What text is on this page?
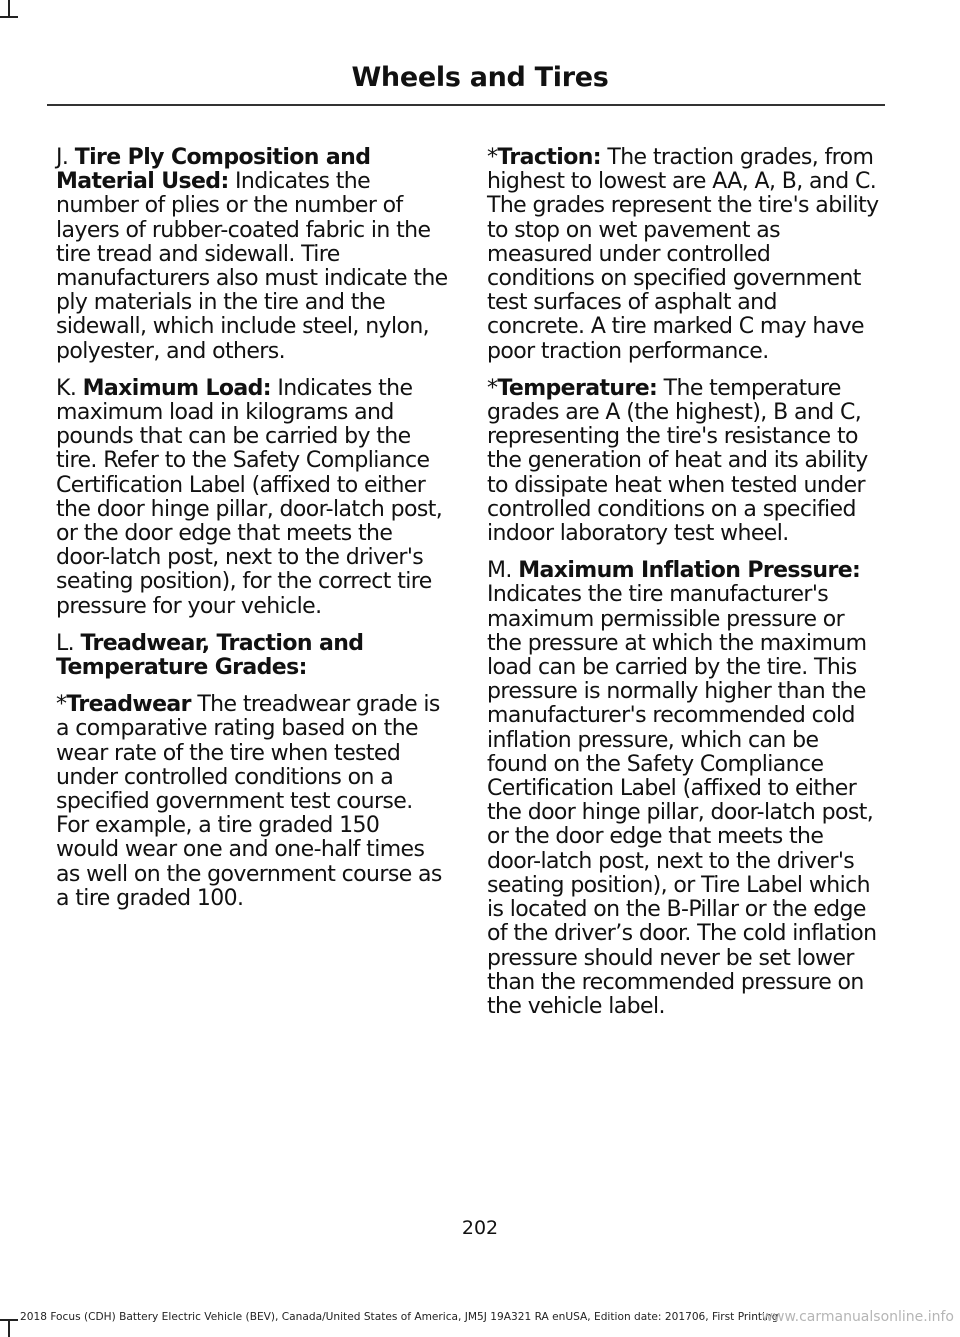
Wheels and Tires

J. Tire Ply Composition and Material Used: Indicates the number of plies or the number of layers of rubber-coated fabric in the tire tread and sidewall. Tire manufacturers also must indicate the ply materials in the tire and the sidewall, which include steel, nylon, polyester, and others.

K. Maximum Load: Indicates the maximum load in kilograms and pounds that can be carried by the tire. Refer to the Safety Compliance Certification Label (affixed to either the door hinge pillar, door-latch post, or the door edge that meets the door-latch post, next to the driver's seating position), for the correct tire pressure for your vehicle.

L. Treadwear, Traction and Temperature Grades:

*Treadwear The treadwear grade is a comparative rating based on the wear rate of the tire when tested under controlled conditions on a specified government test course. For example, a tire graded 150 would wear one and one-half times as well on the government course as a tire graded 100.

*Traction: The traction grades, from highest to lowest are AA, A, B, and C. The grades represent the tire's ability to stop on wet pavement as measured under controlled conditions on specified government test surfaces of asphalt and concrete. A tire marked C may have poor traction performance.

*Temperature: The temperature grades are A (the highest), B and C, representing the tire's resistance to the generation of heat and its ability to dissipate heat when tested under controlled conditions on a specified indoor laboratory test wheel.

M. Maximum Inflation Pressure: Indicates the tire manufacturer's maximum permissible pressure or the pressure at which the maximum load can be carried by the tire. This pressure is normally higher than the manufacturer's recommended cold inflation pressure, which can be found on the Safety Compliance Certification Label (affixed to either the door hinge pillar, door-latch post, or the door edge that meets the door-latch post, next to the driver's seating position), or Tire Label which is located on the B-Pillar or the edge of the driver’s door. The cold inflation pressure should never be set lower than the recommended pressure on the vehicle label.

202
2018 Focus (CDH) Battery Electric Vehicle (BEV), Canada/United States of America, JM5J 19A321 RA enUSA, Edition date: 201706, First Printing
www.carmanualsonline.info
